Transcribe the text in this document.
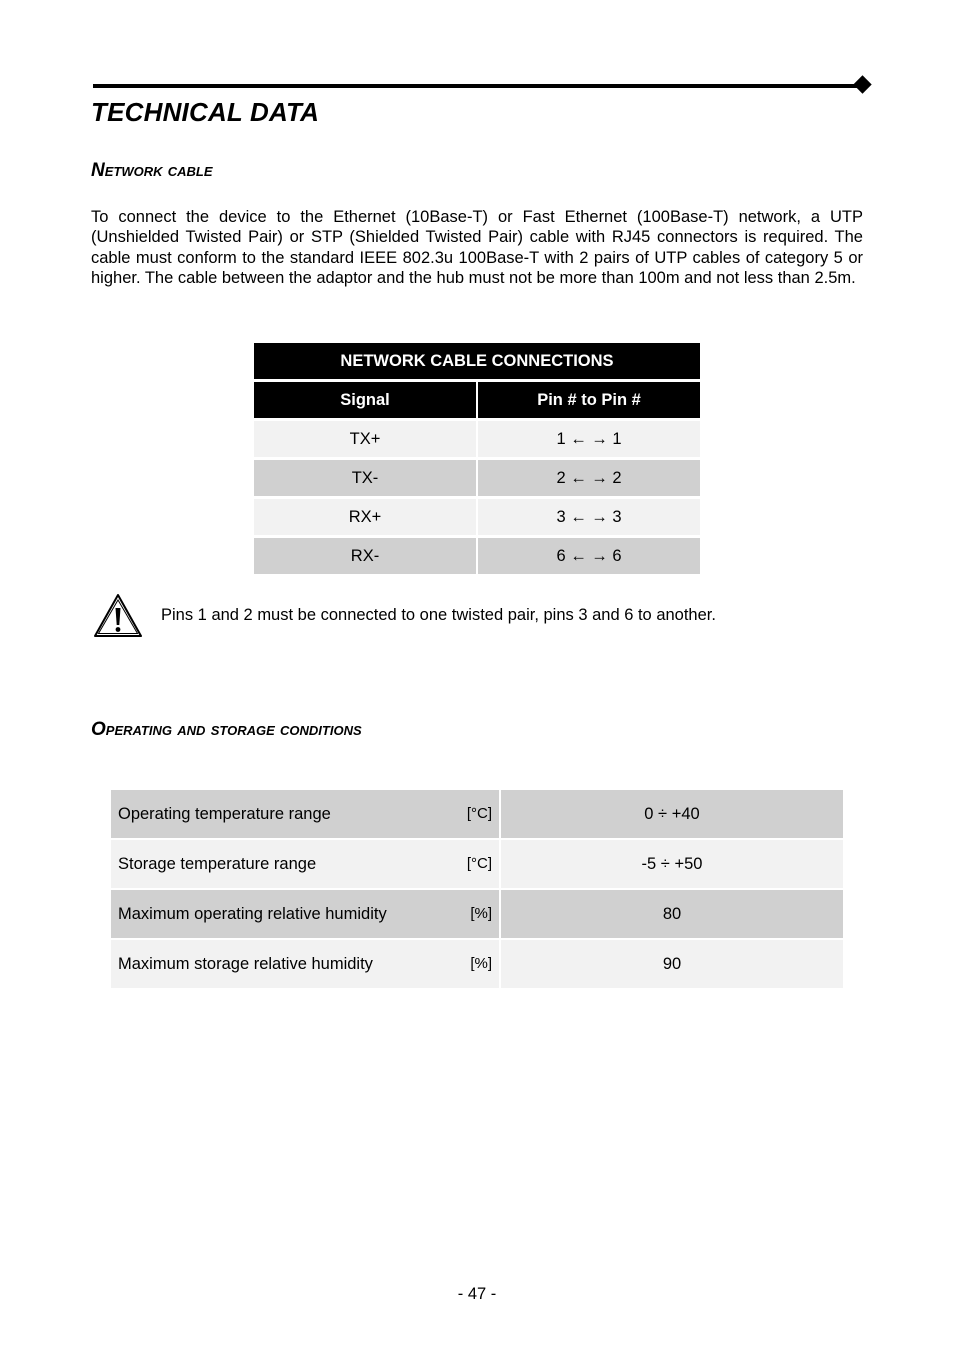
TECHNICAL DATA
Network cable

To connect the device to the Ethernet (10Base-T) or Fast Ethernet (100Base-T) network, a UTP (Unshielded Twisted Pair) or STP (Shielded Twisted Pair) cable with RJ45 connectors is required. The cable must conform to the standard IEEE 802.3u 100Base-T with 2 pairs of UTP cables of category 5 or higher. The cable between the adaptor and the hub must not be more than 100m and not less than 2.5m.

NETWORK CABLE CONNECTIONS	
Signal	Pin # to Pin #
TX+	1 ← → 1
TX-	2 ← → 2
RX+	3 ← → 3
RX-	6 ← → 6

Pins 1 and 2 must be connected to one twisted pair, pins 3 and 6 to another.

Operating and storage conditions
Operating temperature range [°C]	0 ÷ +40

Storage temperature range [°C]	-5 ÷ +50

Maximum operating relative humidity [%]	80

Maximum storage relative humidity [%]	90

- 47 -
